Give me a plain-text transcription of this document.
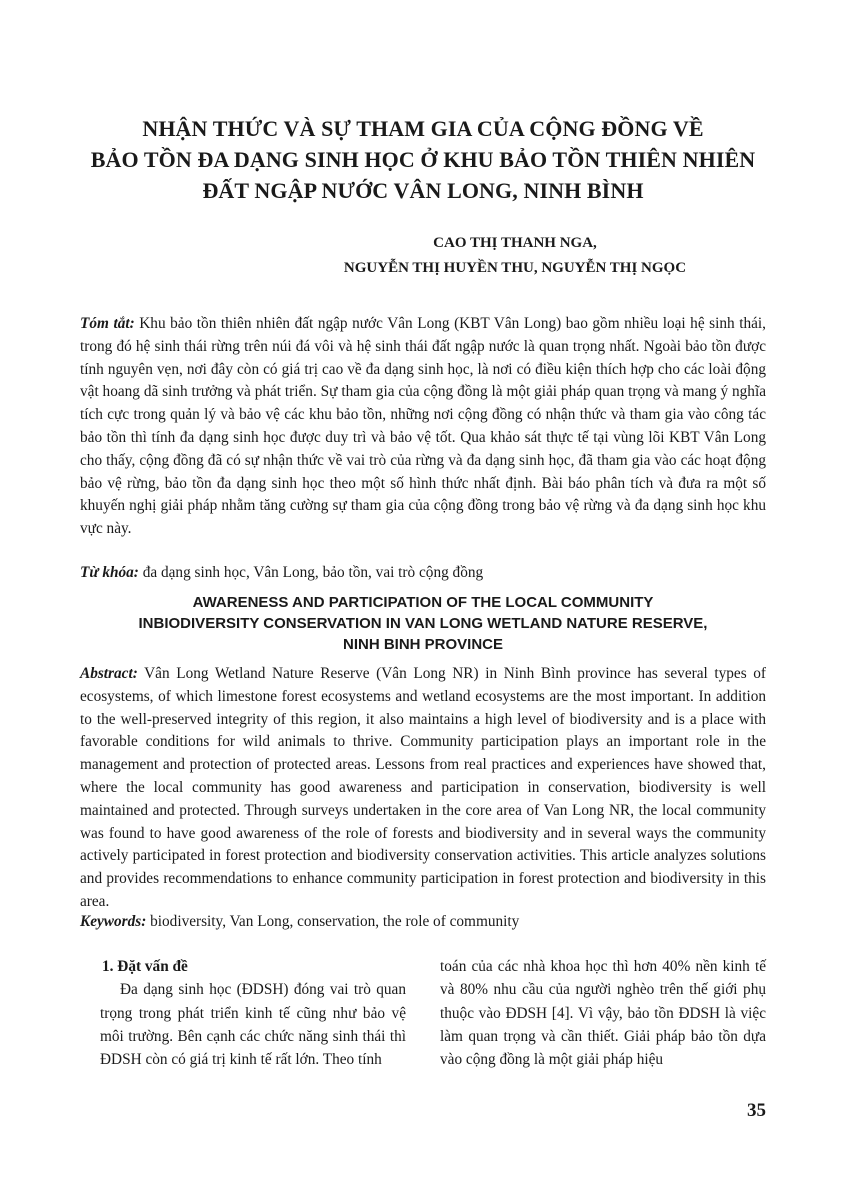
NHẬN THỨC VÀ SỰ THAM GIA CỦA CỘNG ĐỒNG VỀ
BẢO TỒN ĐA DẠNG SINH HỌC Ở KHU BẢO TỒN THIÊN NHIÊN
ĐẤT NGẬP NƯỚC VÂN LONG, NINH BÌNH
CAO THỊ THANH NGA,
NGUYỄN THỊ HUYỀN THU, NGUYỄN THỊ NGỌC

Tóm tắt: Khu bảo tồn thiên nhiên đất ngập nước Vân Long (KBT Vân Long) bao gồm nhiều loại hệ sinh thái, trong đó hệ sinh thái rừng trên núi đá vôi và hệ sinh thái đất ngập nước là quan trọng nhất. Ngoài bảo tồn được tính nguyên vẹn, nơi đây còn có giá trị cao về đa dạng sinh học, là nơi có điều kiện thích hợp cho các loài động vật hoang dã sinh trưởng và phát triển. Sự tham gia của cộng đồng là một giải pháp quan trọng và mang ý nghĩa tích cực trong quản lý và bảo vệ các khu bảo tồn, những nơi cộng đồng có nhận thức và tham gia vào công tác bảo tồn thì tính đa dạng sinh học được duy trì và bảo vệ tốt. Qua khảo sát thực tế tại vùng lõi KBT Vân Long cho thấy, cộng đồng đã có sự nhận thức về vai trò của rừng và đa dạng sinh học, đã tham gia vào các hoạt động bảo vệ rừng, bảo tồn đa dạng sinh học theo một số hình thức nhất định. Bài báo phân tích và đưa ra một số khuyến nghị giải pháp nhằm tăng cường sự tham gia của cộng đồng trong bảo vệ rừng và đa dạng sinh học khu vực này.

Từ khóa: đa dạng sinh học, Vân Long, bảo tồn, vai trò cộng đồng

AWARENESS AND PARTICIPATION OF THE LOCAL COMMUNITY
INBIODIVERSITY CONSERVATION IN VAN LONG WETLAND NATURE RESERVE,
NINH BINH PROVINCE

Abstract: Vân Long Wetland Nature Reserve (Vân Long NR) in Ninh Bình province has several types of ecosystems, of which limestone forest ecosystems and wetland ecosystems are the most important. In addition to the well-preserved integrity of this region, it also maintains a high level of biodiversity and is a place with favorable conditions for wild animals to thrive. Community participation plays an important role in the management and protection of protected areas. Lessons from real practices and experiences have showed that, where the local community has good awareness and participation in conservation, biodiversity is well maintained and protected. Through surveys undertaken in the core area of Van Long NR, the local community was found to have good awareness of the role of forests and biodiversity and in several ways the community actively participated in forest protection and biodiversity conservation activities. This article analyzes solutions and provides recommendations to enhance community participation in forest protection and biodiversity in this area.

Keywords: biodiversity, Van Long, conservation, the role of community

1. Đặt vấn đề

Đa dạng sinh học (ĐDSH) đóng vai trò quan trọng trong phát triển kinh tế cũng như bảo vệ môi trường. Bên cạnh các chức năng sinh thái thì ĐDSH còn có giá trị kinh tế rất lớn. Theo tính

toán của các nhà khoa học thì hơn 40% nền kinh tế và 80% nhu cầu của người nghèo trên thế giới phụ thuộc vào ĐDSH [4]. Vì vậy, bảo tồn ĐDSH là việc làm quan trọng và cần thiết. Giải pháp bảo tồn dựa vào cộng đồng là một giải pháp hiệu

35
